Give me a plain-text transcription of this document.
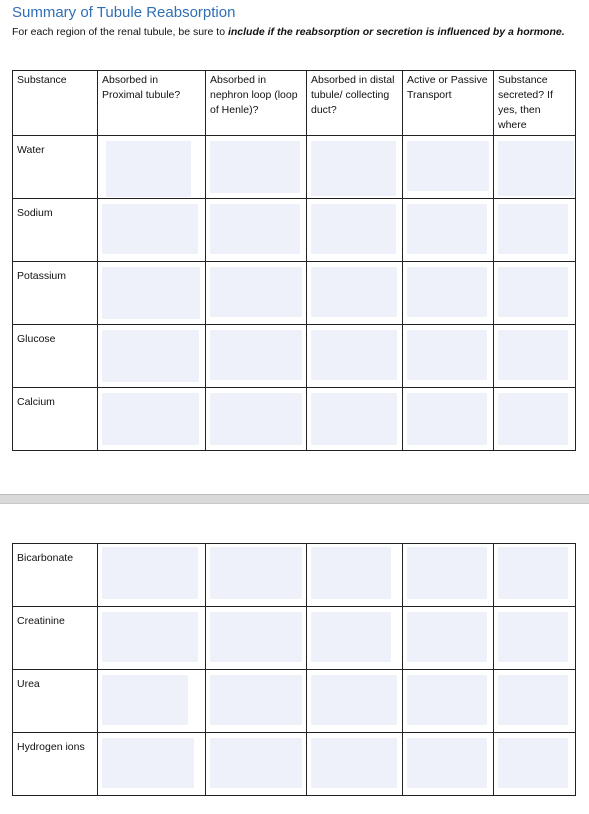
Summary of Tubule Reabsorption

For each region of the renal tubule, be sure to include if the reabsorption or secretion is influenced by a hormone.

Substance	Absorbed in Proximal tubule?	Absorbed in nephron loop (loop of Henle)?	Absorbed in distal tubule/ collecting duct?	Active or Passive Transport	Substance secreted? If yes, then where
Water	

Sodium	

Potassium	

Glucose	

Calcium	

Bicarbonate	

Creatinine	

Urea	

Hydrogen ions	
